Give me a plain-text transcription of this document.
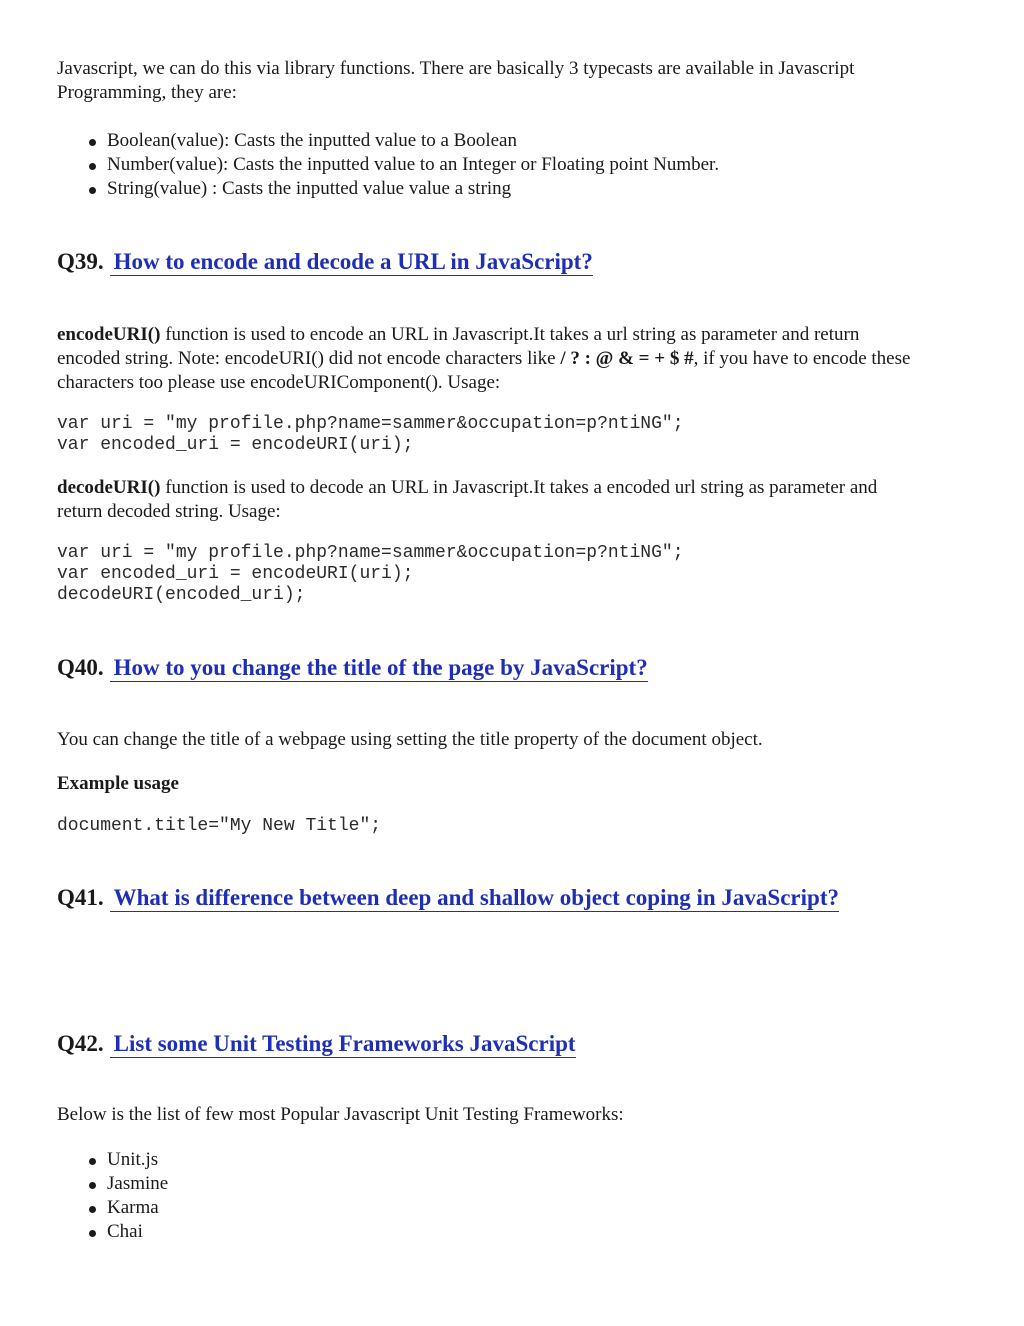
Javascript, we can do this via library functions. There are basically 3 typecasts are available in Javascript

Programming, they are:

Boolean(value): Casts the inputted value to a Boolean
Number(value): Casts the inputted value to an Integer or Floating point Number.
String(value) : Casts the inputted value value a string
Q39. How to encode and decode a URL in JavaScript?

encodeURI() function is used to encode an URL in Javascript.It takes a url string as parameter and return

encoded string. Note: encodeURI() did not encode characters like / ? : @ & = + $ #, if you have to encode these

characters too please use encodeURIComponent(). Usage:

var uri = "my profile.php?name=sammer&occupation=p?ntiNG";
var encoded_uri = encodeURI(uri);

decodeURI() function is used to decode an URL in Javascript.It takes a encoded url string as parameter and

return decoded string. Usage:

var uri = "my profile.php?name=sammer&occupation=p?ntiNG";
var encoded_uri = encodeURI(uri);
decodeURI(encoded_uri);
Q40. How to you change the title of the page by JavaScript?

You can change the title of a webpage using setting the title property of the document object.

Example usage

document.title="My New Title";
Q41. What is difference between deep and shallow object coping in JavaScript?
Q42. List some Unit Testing Frameworks JavaScript

Below is the list of few most Popular Javascript Unit Testing Frameworks:

Unit.js
Jasmine
Karma
Chai
